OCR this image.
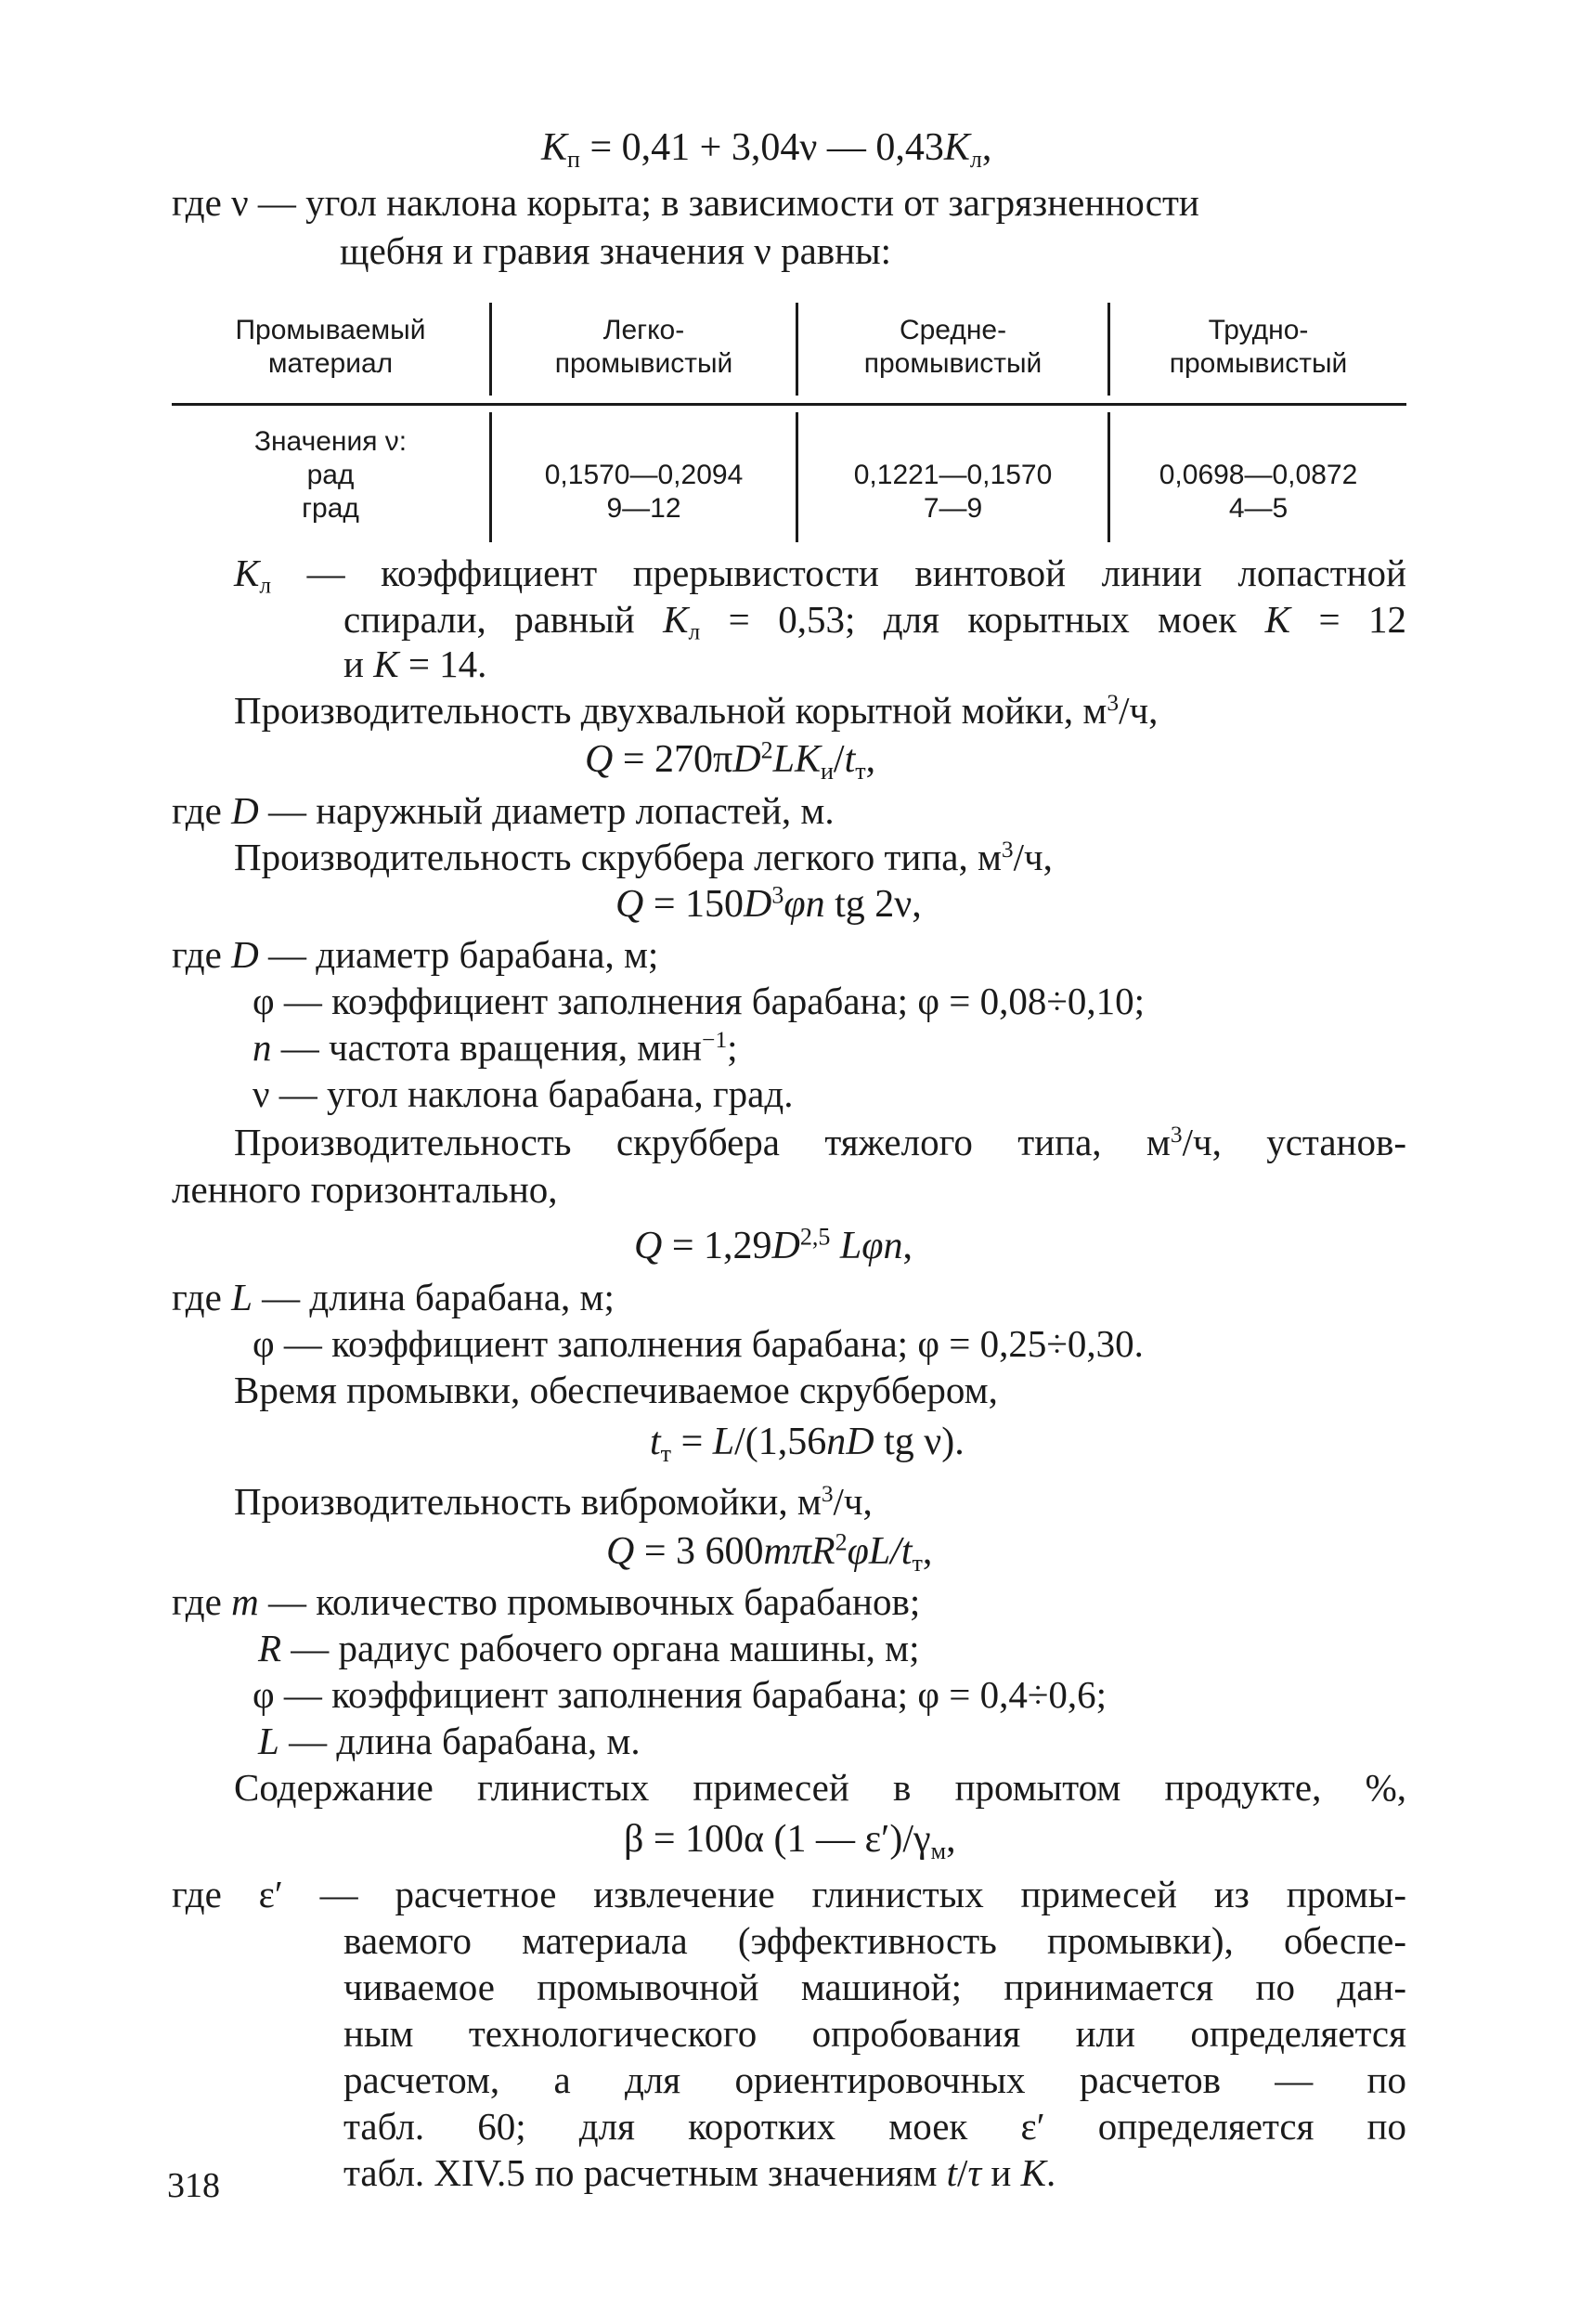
$K_п = 0,41 + 3,04\nu$ — $0,43K_л$,
где ν — угол наклона корыта; в зависимости от загрязненности
щебня и гравия значения ν равны:
Промываемый
материал
Легко-
промывистый
Средне-
промывистый
Трудно-
промывистый
Значения ν:
рад
град
0,1570—0,2094
9—12
0,1221—0,1570
7—9
0,0698—0,0872
4—5
$K_л$ — коэффициент прерывистости винтовой линии лопастной
спирали, равный $K_л = 0,53$; для корытных моек K = 12
и K = 14.
Производительность двухвальной корытной мойки, $м^3/ч$,
$Q = 270\pi D^2LK_и/t_т$,
где D — наружный диаметр лопастей, м.
Производительность скруббера легкого типа, $м^3/ч$,
$Q = 150D^3\varphi n$ tg 2ν,
где D — диаметр барабана, м;
φ — коэффициент заполнения барабана; φ = 0,08÷0,10;
n — частота вращения, мин$^{-1}$;
ν — угол наклона барабана, град.
Производительность скруббера тяжелого типа, $м^3/ч$, установ-
ленного горизонтально,
$Q = 1,29D^{2,5}$ Lφn,
где L — длина барабана, м;
φ — коэффициент заполнения барабана; φ = 0,25÷0,30.
Время промывки, обеспечиваемое скруббером,
$t_т = L/(1,56nD$ tg ν).
Производительность вибромойки, $м^3/ч$,
Q = 3 $600m\pi R^2\varphi L/t_т$,
где m — количество промывочных барабанов;
R — радиус рабочего органа машины, м;
φ — коэффициент заполнения барабана; φ = 0,4÷0,6;
L — длина барабана, м.
Содержание глинистых примесей в промытом продукте, %,
β = 100α (1 — $\varepsilon')/\gamma_м$,
где ε′ — расчетное извлечение глинистых примесей из промы-
ваемого материала (эффективность промывки), обеспе-
чиваемое промывочной машиной; принимается по дан-
ным технологического опробования или определяется
расчетом, а для ориентировочных расчетов — по
табл. 60; для коротких моек ε′ определяется по
табл. XIV.5 по расчетным значениям t/τ и K.
318
